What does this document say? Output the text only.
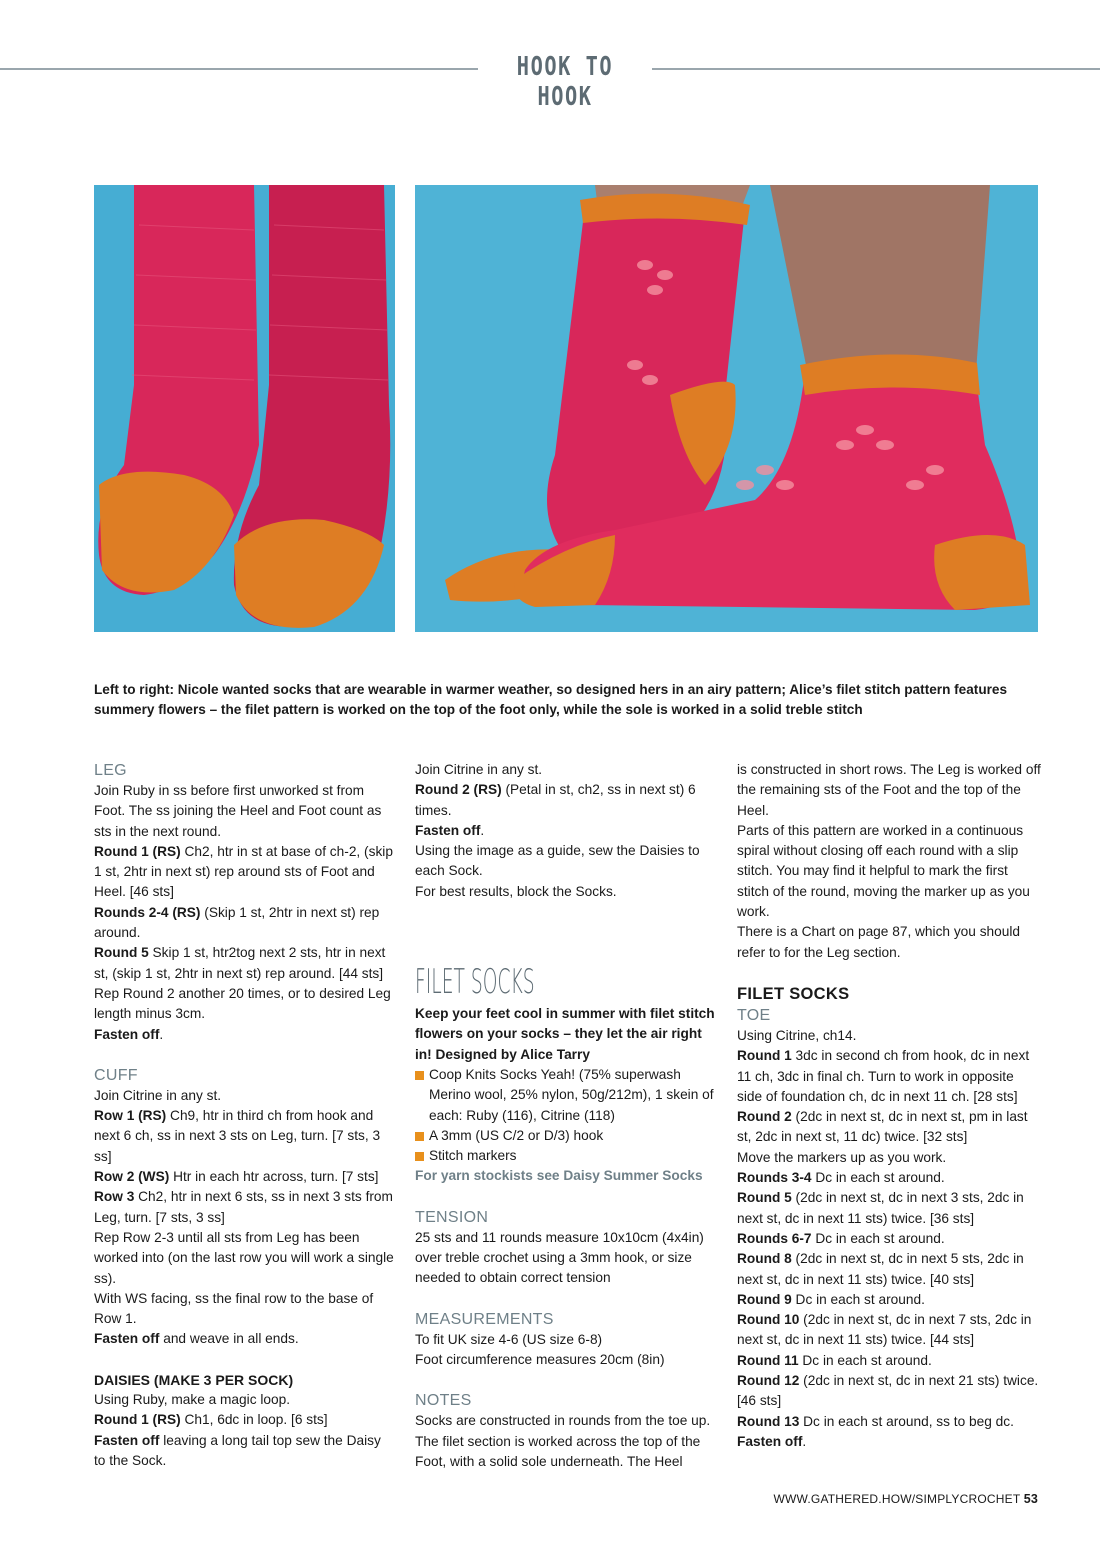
HOOK TO HOOK
Left to right: Nicole wanted socks that are wearable in warmer weather, so designed hers in an airy pattern; Alice’s filet stitch pattern features summery flowers – the filet pattern is worked on the top of the foot only, while the sole is worked in a solid treble stitch

LEG

Join Ruby in ss before first unworked st from Foot. The ss joining the Heel and Foot count as sts in the next round.

Round 1 (RS) Ch2, htr in st at base of ch-2, (skip 1 st, 2htr in next st) rep around sts of Foot and Heel. [46 sts]

Rounds 2-4 (RS) (Skip 1 st, 2htr in next st) rep around.

Round 5 Skip 1 st, htr2tog next 2 sts, htr in next st, (skip 1 st, 2htr in next st) rep around. [44 sts]

Rep Round 2 another 20 times, or to desired Leg length minus 3cm.

Fasten off.

CUFF

Join Citrine in any st.

Row 1 (RS) Ch9, htr in third ch from hook and next 6 ch, ss in next 3 sts on Leg, turn. [7 sts, 3 ss]

Row 2 (WS) Htr in each htr across, turn. [7 sts]

Row 3 Ch2, htr in next 6 sts, ss in next 3 sts from Leg, turn. [7 sts, 3 ss]

Rep Row 2-3 until all sts from Leg has been worked into (on the last row you will work a single ss).

With WS facing, ss the final row to the base of Row 1.

Fasten off and weave in all ends.

DAISIES (MAKE 3 PER SOCK)

Using Ruby, make a magic loop.

Round 1 (RS) Ch1, 6dc in loop. [6 sts]

Fasten off leaving a long tail top sew the Daisy to the Sock.

Join Citrine in any st.

Round 2 (RS) (Petal in st, ch2, ss in next st) 6 times.

Fasten off.

Using the image as a guide, sew the Daisies to each Sock.

For best results, block the Socks.

FILET SOCKS

Keep your feet cool in summer with filet stitch flowers on your socks – they let the air right in! Designed by Alice Tarry

Coop Knits Socks Yeah! (75% superwash Merino wool, 25% nylon, 50g/212m), 1 skein of each: Ruby (116), Citrine (118)

A 3mm (US C/2 or D/3) hook

Stitch markers

For yarn stockists see Daisy Summer Socks

TENSION

25 sts and 11 rounds measure 10x10cm (4x4in) over treble crochet using a 3mm hook, or size needed to obtain correct tension

MEASUREMENTS

To fit UK size 4-6 (US size 6-8)

Foot circumference measures 20cm (8in)

NOTES

Socks are constructed in rounds from the toe up. The filet section is worked across the top of the Foot, with a solid sole underneath. The Heel

is constructed in short rows. The Leg is worked off the remaining sts of the Foot and the top of the Heel.

Parts of this pattern are worked in a continuous spiral without closing off each round with a slip stitch. You may find it helpful to mark the first stitch of the round, moving the marker up as you work.

There is a Chart on page 87, which you should refer to for the Leg section.

FILET SOCKS

TOE

Using Citrine, ch14.

Round 1 3dc in second ch from hook, dc in next 11 ch, 3dc in final ch. Turn to work in opposite side of foundation ch, dc in next 11 ch. [28 sts]

Round 2 (2dc in next st, dc in next st, pm in last st, 2dc in next st, 11 dc) twice. [32 sts]

Move the markers up as you work.

Rounds 3-4 Dc in each st around.

Round 5 (2dc in next st, dc in next 3 sts, 2dc in next st, dc in next 11 sts) twice. [36 sts]

Rounds 6-7 Dc in each st around.

Round 8 (2dc in next st, dc in next 5 sts, 2dc in next st, dc in next 11 sts) twice. [40 sts]

Round 9 Dc in each st around.

Round 10 (2dc in next st, dc in next 7 sts, 2dc in next st, dc in next 11 sts) twice. [44 sts]

Round 11 Dc in each st around.

Round 12 (2dc in next st, dc in next 21 sts) twice. [46 sts]

Round 13 Dc in each st around, ss to beg dc.

Fasten off.

WWW.GATHERED.HOW/SIMPLYCROCHET 53
